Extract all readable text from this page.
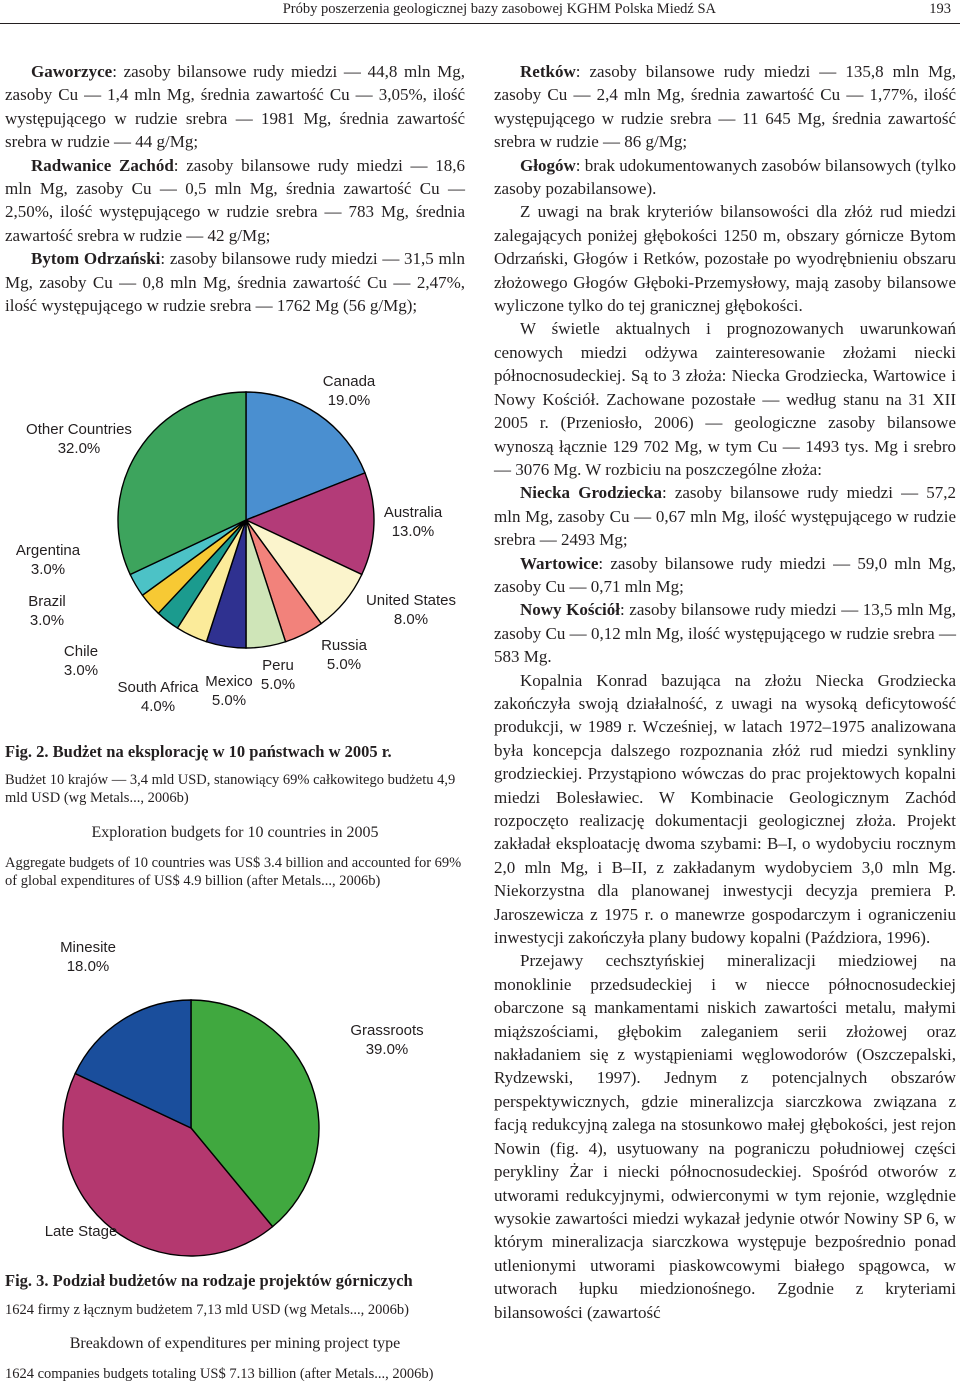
Próby poszerzenia geologicznej bazy zasobowej KGHM Polska Miedź SA	193

Gaworzyce: zasoby bilansowe rudy miedzi — 44,8 mln Mg, zasoby Cu — 1,4 mln Mg, średnia zawartość Cu — 3,05%, ilość występującego w rudzie srebra — 1981 Mg, średnia zawartość srebra w rudzie — 44 g/Mg;

Radwanice Zachód: zasoby bilansowe rudy miedzi — 18,6 mln Mg, zasoby Cu — 0,5 mln Mg, średnia zawartość Cu — 2,50%, ilość występującego w rudzie srebra — 783 Mg, średnia zawartość srebra w rudzie — 42 g/Mg;

Bytom Odrzański: zasoby bilansowe rudy miedzi — 31,5 mln Mg, zasoby Cu — 0,8 mln Mg, średnia zawartość Cu — 2,47%, ilość występującego w rudzie srebra — 1762 Mg (56 g/Mg);

Canada
19.0%
Australia
13.0%
United States
8.0%
Russia
5.0%
Peru
5.0%
Mexico
5.0%
South Africa
4.0%
Chile
3.0%
Brazil
3.0%
Argentina
3.0%
Other Countries
32.0%
Fig. 2. Budżet na eksplorację w 10 państwach w 2005 r.
Budżet 10 krajów — 3,4 mld USD, stanowiący 69% całkowitego budżetu 4,9 mld USD (wg Metals..., 2006b)
Exploration budgets for 10 countries in 2005
Aggregate budgets of 10 countries was US$ 3.4 billion and accounted for 69% of global expenditures of US$ 4.9 billion (after Metals..., 2006b)
Minesite
18.0%
Grassroots
39.0%
Late Stage
Fig. 3. Podział budżetów na rodzaje projektów górniczych
1624 firmy z łącznym budżetem 7,13 mld USD (wg Metals..., 2006b)
Breakdown of expenditures per mining project type
1624 companies budgets totaling US$ 7.13 billion (after Metals..., 2006b)

Retków: zasoby bilansowe rudy miedzi — 135,8 mln Mg, zasoby Cu — 2,4 mln Mg, średnia zawartość Cu — 1,77%, ilość występującego w rudzie srebra — 11 645 Mg, średnia zawartość srebra w rudzie — 86 g/Mg;

Głogów: brak udokumentowanych zasobów bilansowych (tylko zasoby pozabilansowe).

Z uwagi na brak kryteriów bilansowości dla złóż rud miedzi zalegających poniżej głębokości 1250 m, obszary górnicze Bytom Odrzański, Głogów i Retków, pozostałe po wyodrębnieniu obszaru złożowego Głogów Głęboki-Przemysłowy, mają zasoby bilansowe wyliczone tylko do tej granicznej głębokości.

W świetle aktualnych i prognozowanych uwarunkowań cenowych miedzi odżywa zainteresowanie złożami niecki północnosudeckiej. Są to 3 złoża: Niecka Grodziecka, Wartowice i Nowy Kościół. Zachowane pozostałe — według stanu na 31 XII 2005 r. (Przeniosło, 2006) — geologiczne zasoby bilansowe wynoszą łącznie 129 702 Mg, w tym Cu — 1493 tys. Mg i srebro — 3076 Mg. W rozbiciu na poszczególne złoża:

Niecka Grodziecka: zasoby bilansowe rudy miedzi — 57,2 mln Mg, zasoby Cu — 0,67 mln Mg, ilość występującego w rudzie srebra — 2493 Mg;

Wartowice: zasoby bilansowe rudy miedzi — 59,0 mln Mg, zasoby Cu — 0,71 mln Mg;

Nowy Kościół: zasoby bilansowe rudy miedzi — 13,5 mln Mg, zasoby Cu — 0,12 mln Mg, ilość występującego w rudzie srebra — 583 Mg.

Kopalnia Konrad bazująca na złożu Niecka Grodziecka zakończyła swoją działalność, z uwagi na wysoką deficytowość produkcji, w 1989 r. Wcześniej, w latach 1972–1975 analizowana była koncepcja dalszego rozpoznania złóż rud miedzi synkliny grodzieckiej. Przystąpiono wówczas do prac projektowych kopalni miedzi Bolesławiec. W Kombinacie Geologicznym Zachód rozpoczęto realizację dokumentacji geologicznej złoża. Projekt zakładał eksploatację dwoma szybami: B–I, o wydobyciu rocznym 2,0 mln Mg, i B–II, z zakładanym wydobyciem 3,0 mln Mg. Niekorzystna dla planowanej inwestycji decyzja premiera P. Jaroszewicza z 1975 r. o manewrze gospodarczym i ograniczeniu inwestycji zakończyła plany budowy kopalni (Paździora, 1996).

Przejawy cechsztyńskiej mineralizacji miedziowej na monoklinie przedsudeckiej i w niecce północnosudeckiej obarczone są mankamentami niskich zawartości metalu, małymi miąższościami, głębokim zaleganiem serii złożowej oraz nakładaniem się z wystąpieniami węglowodorów (Oszczepalski, Rydzewski, 1997). Jednym z potencjalnych obszarów perspektywicznych, gdzie mineralizcja siarczkowa związana z facją redukcyjną zalega na stosunkowo małej głębokości, jest rejon Nowin (fig. 4), usytuowany na pograniczu południowej części perykliny Żar i niecki północnosudeckiej. Spośród otworów z utworami redukcyjnymi, odwierconymi w tym rejonie, względnie wysokie zawartości miedzi wykazał jedynie otwór Nowiny SP 6, w którym mineralizacja siarczkowa występuje bezpośrednio ponad utlenionymi utworami piaskowcowymi białego spągowca, w utworach łupku miedzionośnego. Zgodnie z kryteriami bilansowości (zawartość
